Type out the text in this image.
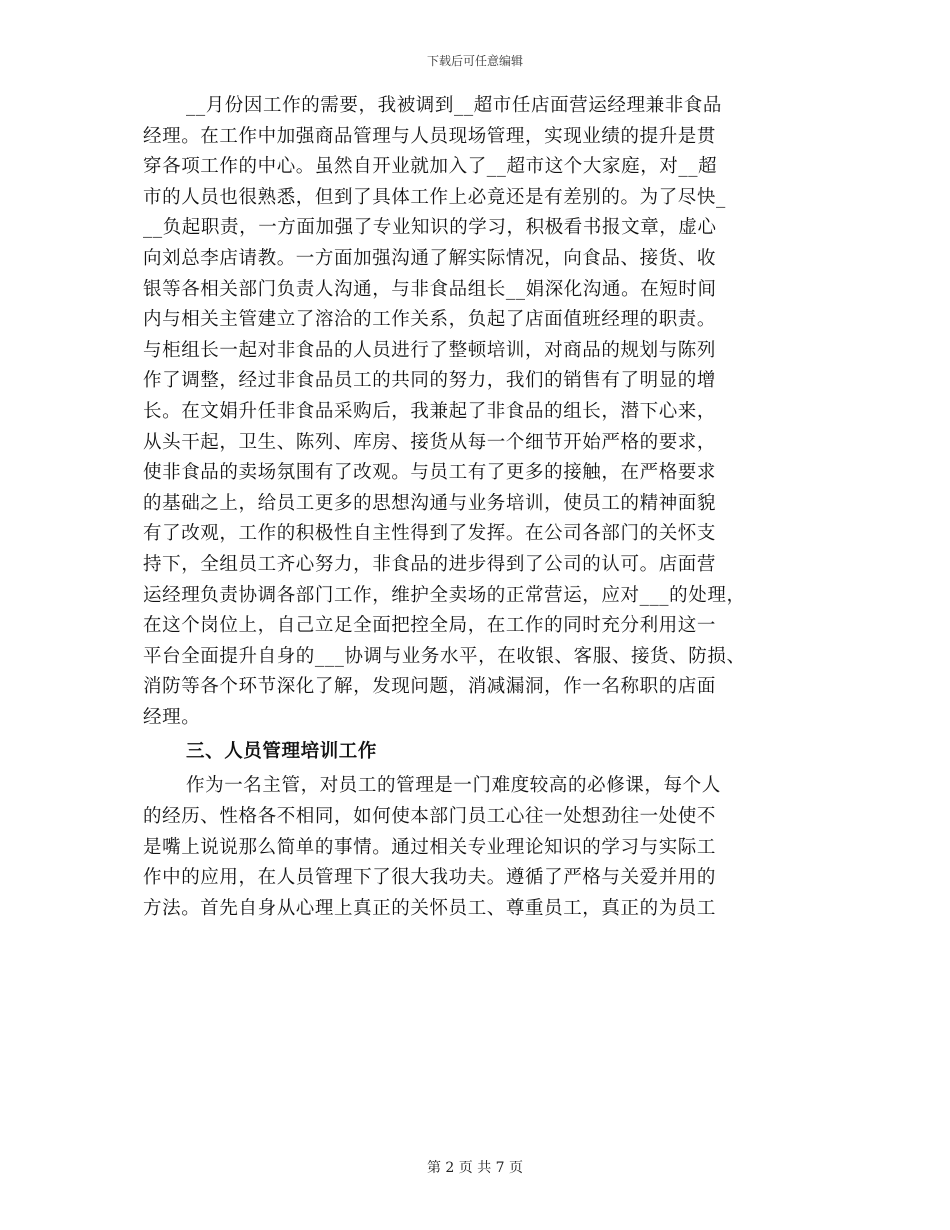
下载后可任意编辑
__月份因工作的需要，我被调到__超市任店面营运经理兼非食品
经理。在工作中加强商品管理与人员现场管理，实现业绩的提升是贯
穿各项工作的中心。虽然自开业就加入了__超市这个大家庭，对__超
市的人员也很熟悉，但到了具体工作上必竟还是有差别的。为了尽快_
__负起职责，一方面加强了专业知识的学习，积极看书报文章，虚心
向刘总李店请教。一方面加强沟通了解实际情况，向食品、接货、收
银等各相关部门负责人沟通，与非食品组长__娟深化沟通。在短时间
内与相关主管建立了溶洽的工作关系，负起了店面值班经理的职责。
与柜组长一起对非食品的人员进行了整顿培训，对商品的规划与陈列
作了调整，经过非食品员工的共同的努力，我们的销售有了明显的增
长。在文娟升任非食品采购后，我兼起了非食品的组长，潜下心来，
从头干起，卫生、陈列、库房、接货从每一个细节开始严格的要求，
使非食品的卖场氛围有了改观。与员工有了更多的接触，在严格要求
的基础之上，给员工更多的思想沟通与业务培训，使员工的精神面貌
有了改观，工作的积极性自主性得到了发挥。在公司各部门的关怀支
持下，全组员工齐心努力，非食品的进步得到了公司的认可。店面营
运经理负责协调各部门工作，维护全卖场的正常营运，应对___的处理，
在这个岗位上，自己立足全面把控全局，在工作的同时充分利用这一
平台全面提升自身的___协调与业务水平，在收银、客服、接货、防损、
消防等各个环节深化了解，发现问题，消减漏洞，作一名称职的店面
经理。
三、人员管理培训工作
作为一名主管，对员工的管理是一门难度较高的必修课，每个人
的经历、性格各不相同，如何使本部门员工心往一处想劲往一处使不
是嘴上说说那么简单的事情。通过相关专业理论知识的学习与实际工
作中的应用，在人员管理下了很大我功夫。遵循了严格与关爱并用的
方法。首先自身从心理上真正的关怀员工、尊重员工，真正的为员工
第 2 页 共 7 页
